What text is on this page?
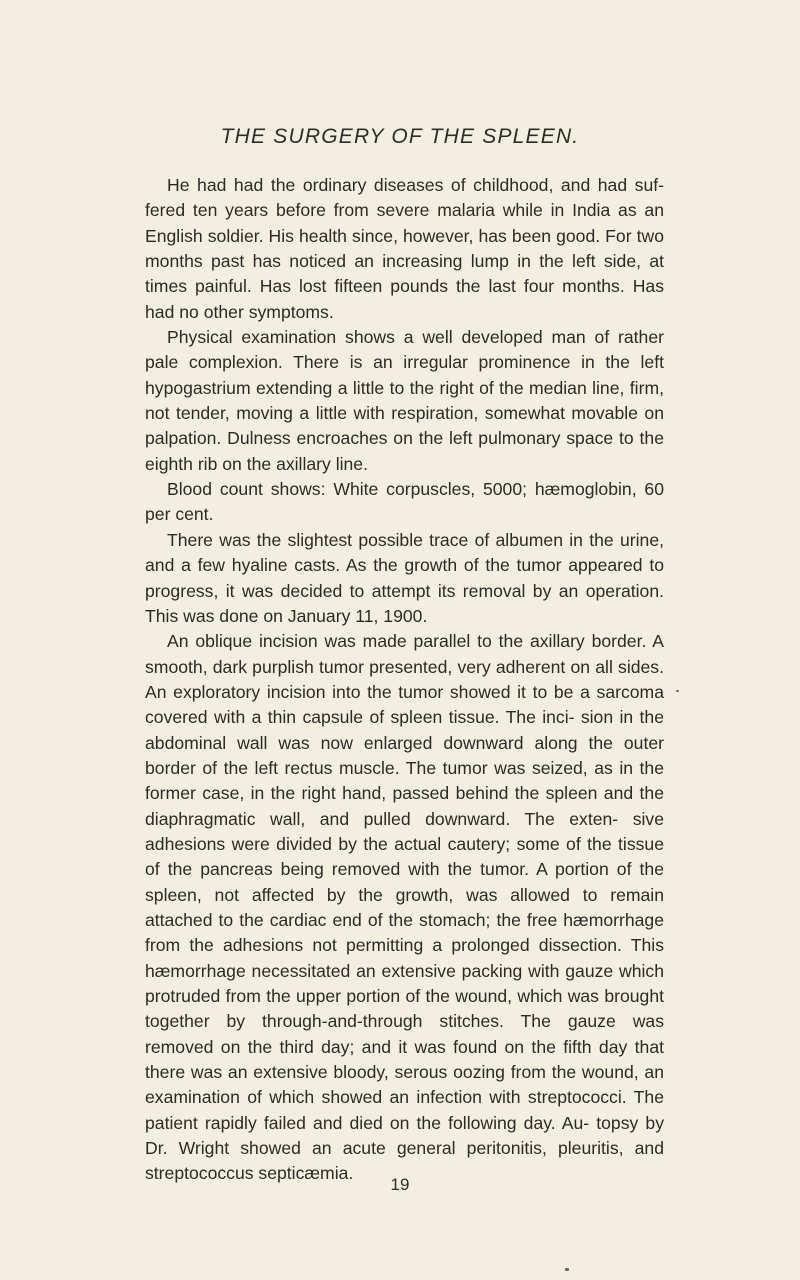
THE SURGERY OF THE SPLEEN.

He had had the ordinary diseases of childhood, and had suf- fered ten years before from severe malaria while in India as an English soldier. His health since, however, has been good. For two months past has noticed an increasing lump in the left side, at times painful. Has lost fifteen pounds the last four months. Has had no other symptoms.

Physical examination shows a well developed man of rather pale complexion. There is an irregular prominence in the left hypogastrium extending a little to the right of the median line, firm, not tender, moving a little with respiration, somewhat movable on palpation. Dulness encroaches on the left pulmonary space to the eighth rib on the axillary line.

Blood count shows: White corpuscles, 5000; hæmoglobin, 60 per cent.

There was the slightest possible trace of albumen in the urine, and a few hyaline casts. As the growth of the tumor appeared to progress, it was decided to attempt its removal by an operation. This was done on January 11, 1900.

An oblique incision was made parallel to the axillary border. A smooth, dark purplish tumor presented, very adherent on all sides. An exploratory incision into the tumor showed it to be a sarcoma covered with a thin capsule of spleen tissue. The inci- sion in the abdominal wall was now enlarged downward along the outer border of the left rectus muscle. The tumor was seized, as in the former case, in the right hand, passed behind the spleen and the diaphragmatic wall, and pulled downward. The exten- sive adhesions were divided by the actual cautery; some of the tissue of the pancreas being removed with the tumor. A portion of the spleen, not affected by the growth, was allowed to remain attached to the cardiac end of the stomach; the free hæmorrhage from the adhesions not permitting a prolonged dissection. This hæmorrhage necessitated an extensive packing with gauze which protruded from the upper portion of the wound, which was brought together by through-and-through stitches. The gauze was removed on the third day; and it was found on the fifth day that there was an extensive bloody, serous oozing from the wound, an examination of which showed an infection with streptococci. The patient rapidly failed and died on the following day. Au- topsy by Dr. Wright showed an acute general peritonitis, pleuritis, and streptococcus septicæmia.

19
